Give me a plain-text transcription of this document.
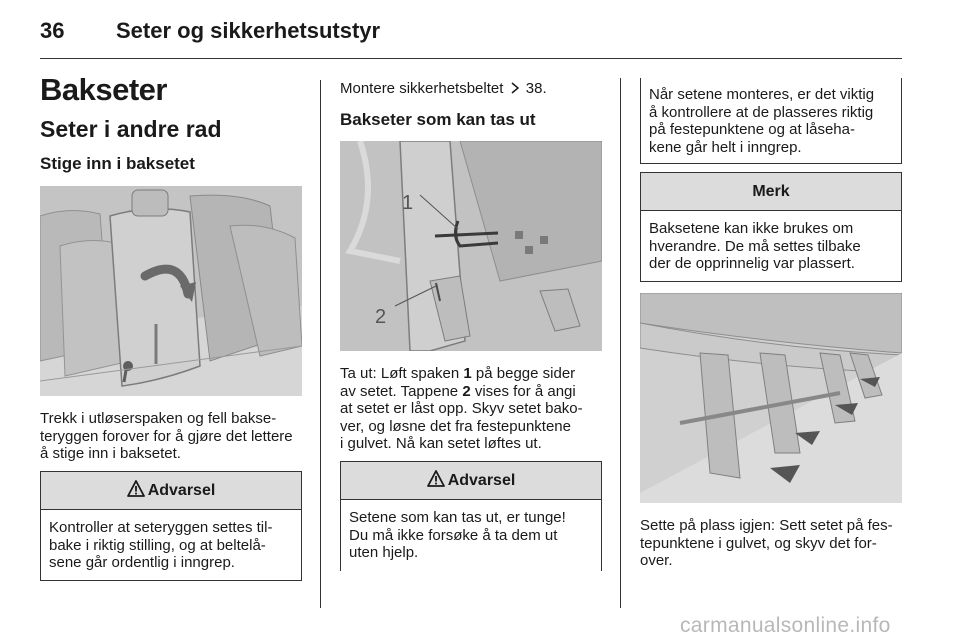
36 Seter og sikkerhetsutstyr
Bakseter
Seter i andre rad
Stige inn i baksetet
Trekk i utløserspaken og fell bakse-
teryggen forover for å gjøre det lettere
å stige inn i baksetet.
Advarsel
Kontroller at seteryggen settes til-
bake i riktig stilling, og at beltelå-
sene går ordentlig i inngrep.
Montere sikkerhetsbeltet 38.
Bakseter som kan tas ut
1
2
Ta ut: Løft spaken 1 på begge sider
av setet. Tappene 2 vises for å angi
at setet er låst opp. Skyv setet bako-
ver, og løsne det fra festepunktene
i gulvet. Nå kan setet løftes ut.
Advarsel
Setene som kan tas ut, er tunge!
Du må ikke forsøke å ta dem ut
uten hjelp.
Når setene monteres, er det viktig
å kontrollere at de plasseres riktig
på festepunktene og at låseha-
kene går helt i inngrep.
Merk
Baksetene kan ikke brukes om
hverandre. De må settes tilbake
der de opprinnelig var plassert.
Sette på plass igjen: Sett setet på fes-
tepunktene i gulvet, og skyv det for-
over.
carmanualsonline.info
